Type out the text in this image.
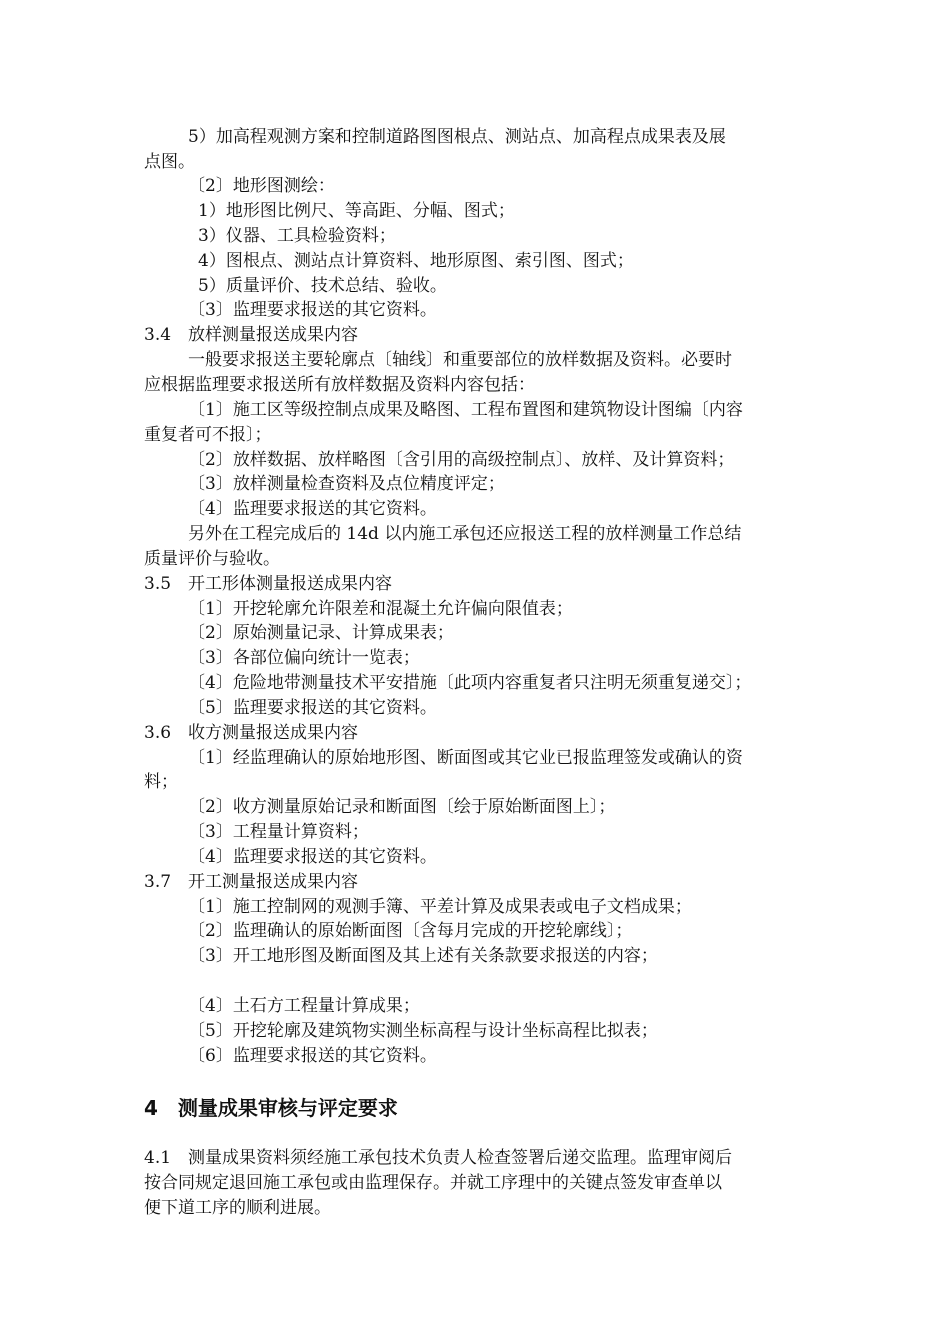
5）加高程观测方案和控制道路图图根点、测站点、加高程点成果表及展
点图。
〔2〕地形图测绘：
1）地形图比例尺、等高距、分幅、图式；
3）仪器、工具检验资料；
4）图根点、测站点计算资料、地形原图、索引图、图式；
5）质量评价、技术总结、验收。
〔3〕监理要求报送的其它资料。
3.4　放样测量报送成果内容
一般要求报送主要轮廓点〔轴线〕和重要部位的放样数据及资料。必要时
应根据监理要求报送所有放样数据及资料内容包括：
〔1〕施工区等级控制点成果及略图、工程布置图和建筑物设计图编〔内容
重复者可不报〕；
〔2〕放样数据、放样略图〔含引用的高级控制点〕、放样、及计算资料；
〔3〕放样测量检查资料及点位精度评定；
〔4〕监理要求报送的其它资料。
另外在工程完成后的 14d 以内施工承包还应报送工程的放样测量工作总结
质量评价与验收。
3.5　开工形体测量报送成果内容
〔1〕开挖轮廓允许限差和混凝土允许偏向限值表；
〔2〕原始测量记录、计算成果表；
〔3〕各部位偏向统计一览表；
〔4〕危险地带测量技术平安措施〔此项内容重复者只注明无须重复递交〕；
〔5〕监理要求报送的其它资料。
3.6　收方测量报送成果内容
〔1〕经监理确认的原始地形图、断面图或其它业已报监理签发或确认的资
料；
〔2〕收方测量原始记录和断面图〔绘于原始断面图上〕；
〔3〕工程量计算资料；
〔4〕监理要求报送的其它资料。
3.7　开工测量报送成果内容
〔1〕施工控制网的观测手簿、平差计算及成果表或电子文档成果；
〔2〕监理确认的原始断面图〔含每月完成的开挖轮廓线〕；
〔3〕开工地形图及断面图及其上述有关条款要求报送的内容；
〔4〕土石方工程量计算成果；
〔5〕开挖轮廓及建筑物实测坐标高程与设计坐标高程比拟表；
〔6〕监理要求报送的其它资料。
4　测量成果审核与评定要求
4.1　测量成果资料须经施工承包技术负责人检查签署后递交监理。监理审阅后
按合同规定退回施工承包或由监理保存。并就工序理中的关键点签发审查单以
便下道工序的顺利进展。
